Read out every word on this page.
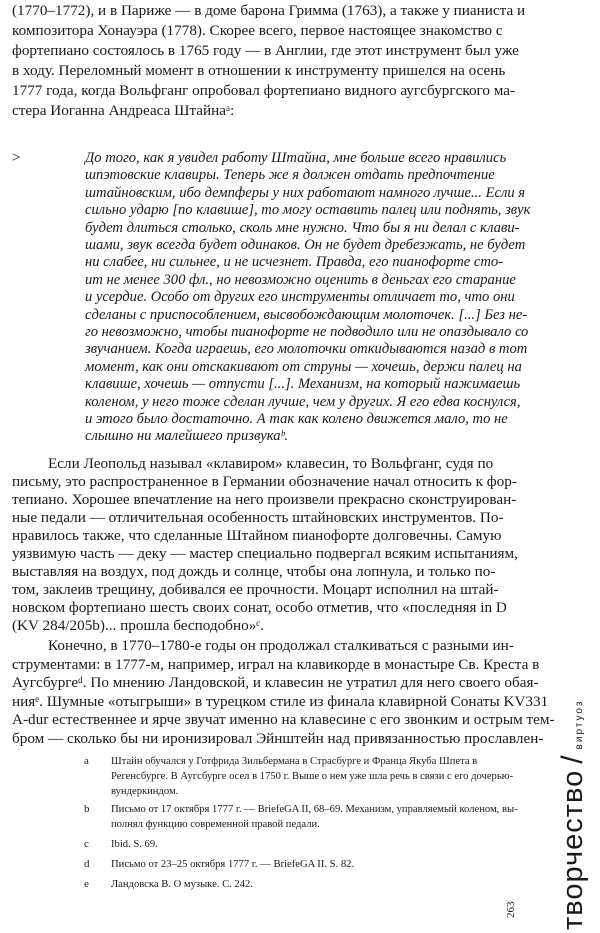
(1770–1772), и в Париже — в доме барона Гримма (1763), а также у пианиста и
композитора Хонауэра (1778). Скорее всего, первое настоящее знакомство с
фортепиано состоялось в 1765 году — в Англии, где этот инструмент был уже
в ходу. Переломный момент в отношении к инструменту пришелся на осень
1777 года, когда Вольфганг опробовал фортепиано видного аугсбургского ма-
стера Иоганна Андреаса Штайнаᵃ:
До того, как я увидел работу Штайна, мне больше всего нравились
шпэтовские клавиры. Теперь же я должен отдать предпочтение
штайновским, ибо демпферы у них работают намного лучше... Если я
сильно ударю [по клавише], то могу оставить палец или поднять, звук
будет длиться столько, сколь мне нужно. Что бы я ни делал с клави-
шами, звук всегда будет одинаков. Он не будет дребезжать, не будет
ни слабее, ни сильнее, и не исчезнет. Правда, его пианофорте сто-
ит не менее 300 фл., но невозможно оценить в деньгах его старание
и усердие. Особо от других его инструменты отличает то, что они
сделаны с приспособлением, высвобождающим молоточек. [...] Без не-
го невозможно, чтобы пианофорте не подводило или не опаздывало со
звучанием. Когда играешь, его молоточки откидываются назад в тот
момент, как они отскакивают от струны — хочешь, держи палец на
клавише, хочешь — отпусти [...]. Механизм, на который нажимаешь
коленом, у него тоже сделан лучше, чем у других. Я его едва коснулся,
и этого было достаточно. А так как колено движется мало, то не
слышно ни малейшего призвукаᵇ.
Если Леопольд называл «клавиром» клавесин, то Вольфганг, судя по
письму, это распространенное в Германии обозначение начал относить к фор-
тепиано. Хорошее впечатление на него произвели прекрасно сконструирован-
ные педали — отличительная особенность штайновских инструментов. По-
нравилось также, что сделанные Штайном пианофорте долговечны. Самую
уязвимую часть — деку — мастер специально подвергал всяким испытаниям,
выставляя на воздух, под дождь и солнце, чтобы она лопнула, и только по-
том, заклеив трещину, добивался ее прочности. Моцарт исполнил на штай-
новском фортепиано шесть своих сонат, особо отметив, что «последняя in D
(KV 284/205b)... прошла бесподобно»ᶜ.
Конечно, в 1770–1780-е годы он продолжал сталкиваться с разными ин-
струментами: в 1777-м, например, играл на клавикорде в монастыре Св. Креста в
Аугсбургеᵈ. По мнению Ландовской, и клавесин не утратил для него своего обая-
нияᵉ. Шумные «отыгрыши» в турецком стиле из финала клавирной Сонаты KV331
A-dur естественнее и ярче звучат именно на клавесине с его звонким и острым тем-
бром — сколько бы ни иронизировал Эйнштейн над привязанностью прославлен-
a Штайн обучался у Готфрида Зильбермана в Страсбурге и Франца Якуба Шпета в
Регенсбурге. В Аугсбурге осел в 1750 г. Выше о нем уже шла речь в связи с его дочерью-
вундеркиндом.
b Письмо от 17 октября 1777 г. — BriefeGA II, 68–69. Механизм, управляемый коленом, вы-
полнял функцию современной правой педали.
c Ibid. S. 69.
d Письмо от 23–25 октября 1777 г. — BriefeGA II. S. 82.
e Ландовска В. О музыке. С. 242.
>
творчество/виртуоз
263
